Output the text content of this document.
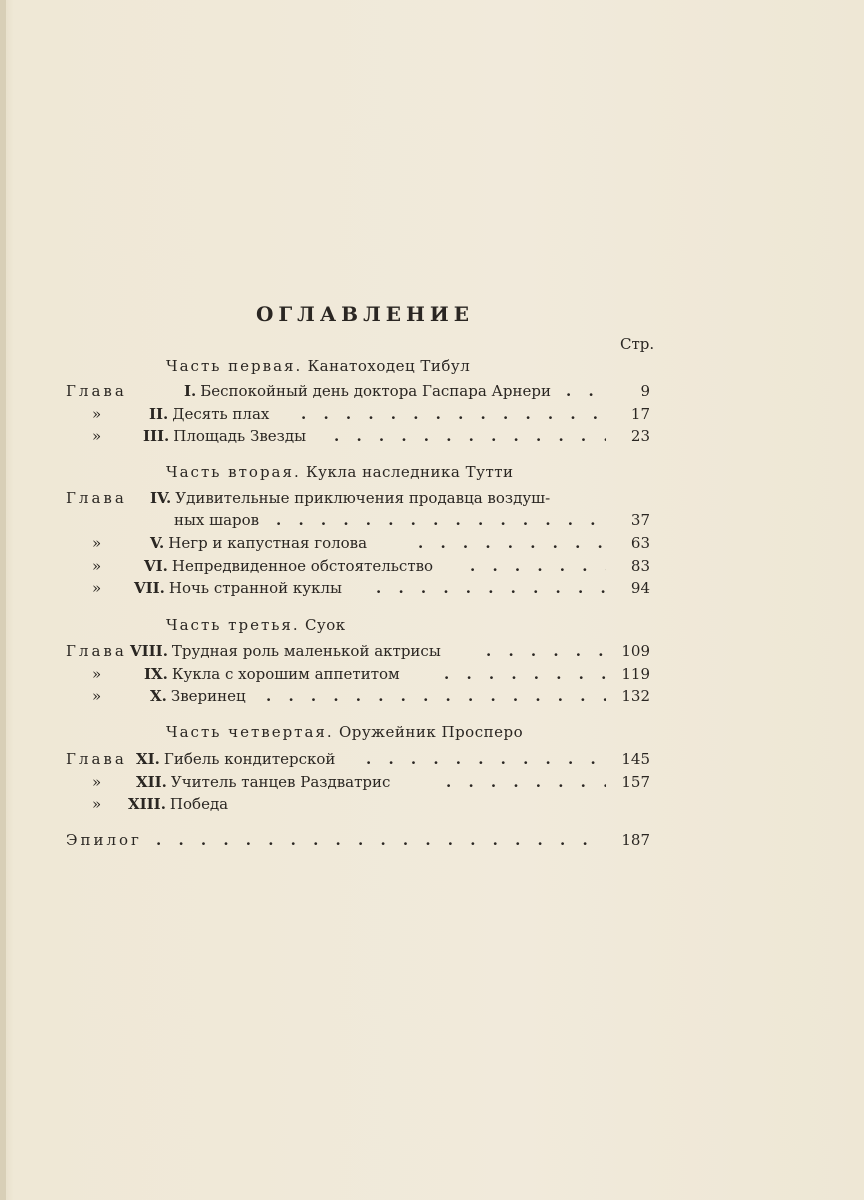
ОГЛАВЛЕНИЕ
Стр.
Часть первая. Канатоходец Тибул
Глава	I. Беспокойный день доктора Гаспара Арнери . . .	9
»	II. Десять плах . . .	17
»	III. Площадь Звезды . . .	23
Часть вторая. Кукла наследника Тутти
Глава IV. Удивительные приключения продавца воздуш-
ных шаров . . .	37
»	V. Негр и капустная голова . . .	63
»	VI. Непредвиденное обстоятельство . . .	83
» VII. Ночь странной куклы . . .	94
Часть третья. Суок
Глава VIII. Трудная роль маленькой актрисы . . .	109
»	IX. Кукла с хорошим аппетитом . . .	119
»	X. Зверинец . . .	132
Часть четвертая. Оружейник Просперо
Глава XI. Гибель кондитерской . . .	145
» XII. Учитель танцев Раздватрис . . .	157
» XIII. Победа
Эпилог . . .	187
